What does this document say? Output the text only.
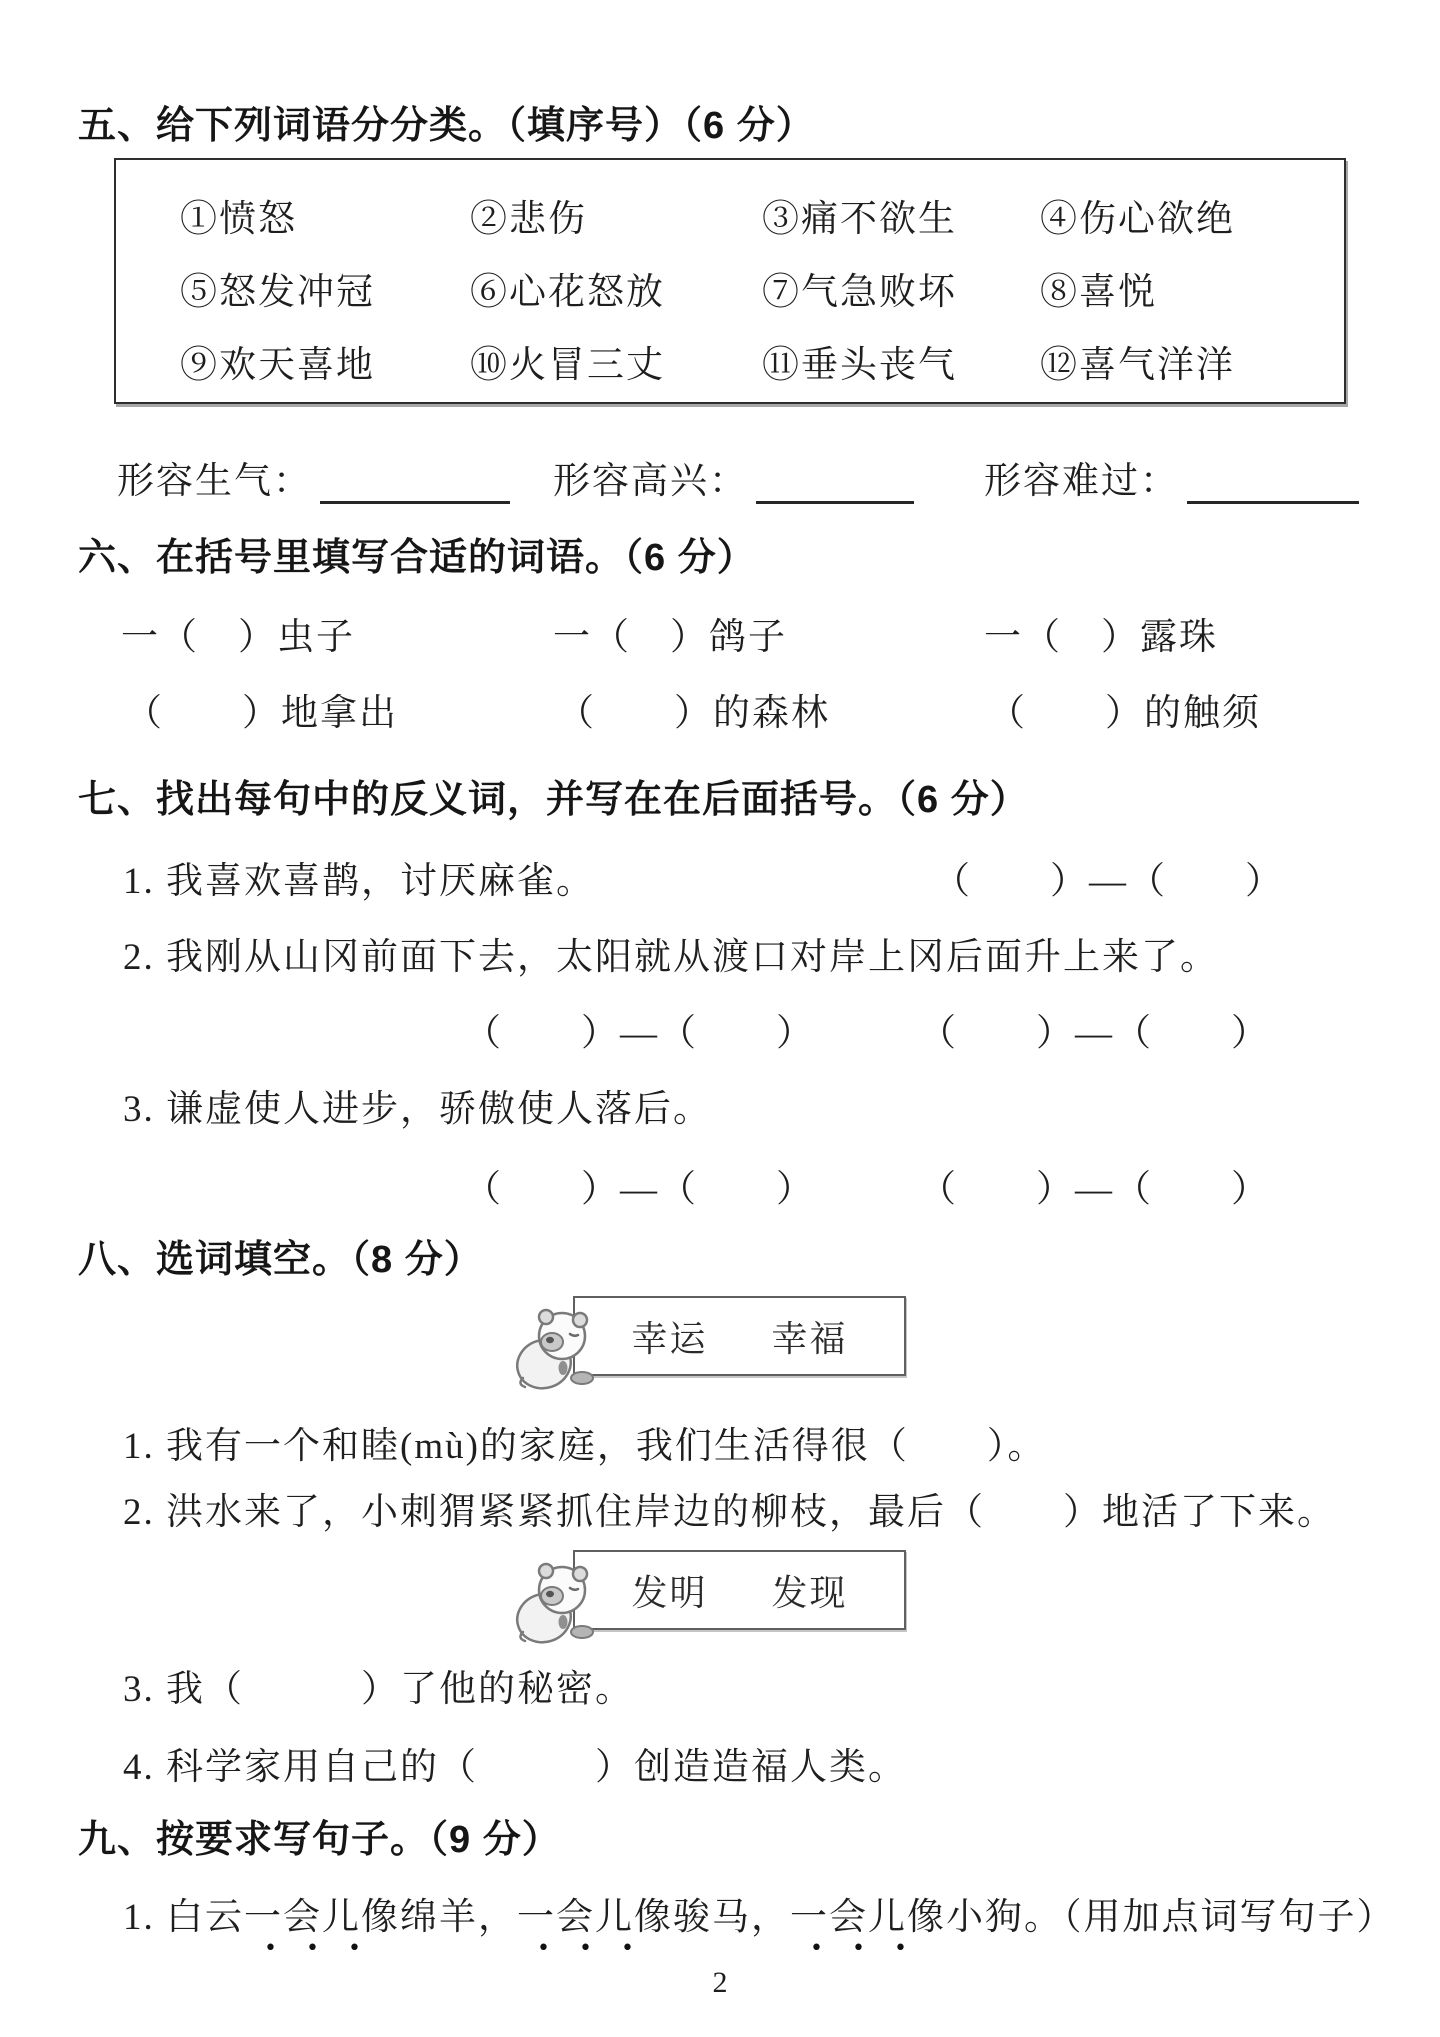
五、给下列词语分分类。（填序号）（6 分）
①愤怒	②悲伤	③痛不欲生	④伤心欲绝
⑤怒发冲冠	⑥心花怒放	⑦气急败坏	⑧喜悦
⑨欢天喜地	⑩火冒三丈	⑪垂头丧气	⑫喜气洋洋
形容生气：	形容高兴：	形容难过：
六、在括号里填写合适的词语。（6 分）
一（　）虫子	一（　）鸽子	一（　）露珠
（　　）地拿出	（　　）的森林	（　　）的触须
七、找出每句中的反义词，并写在在后面括号。（6 分）
1. 我喜欢喜鹊，讨厌麻雀。	（　　）—（　　）
2. 我刚从山冈前面下去，太阳就从渡口对岸上冈后面升上来了。
（　　）—（　　）	（　　）—（　　）
3. 谦虚使人进步，骄傲使人落后。
（　　）—（　　）	（　　）—（　　）
八、选词填空。（8 分）
幸运 幸福
1. 我有一个和睦(mù)的家庭，我们生活得很（　　）。
2. 洪水来了，小刺猬紧紧抓住岸边的柳枝，最后（　　）地活了下来。
发明 发现
3. 我（　　　）了他的秘密。
4. 科学家用自己的（　　　）创造造福人类。
九、按要求写句子。（9 分）
1. 白云一会儿 •••像绵羊，一会儿 •••像骏马，一会儿 •••像小狗。（用加点词写句子）
2
